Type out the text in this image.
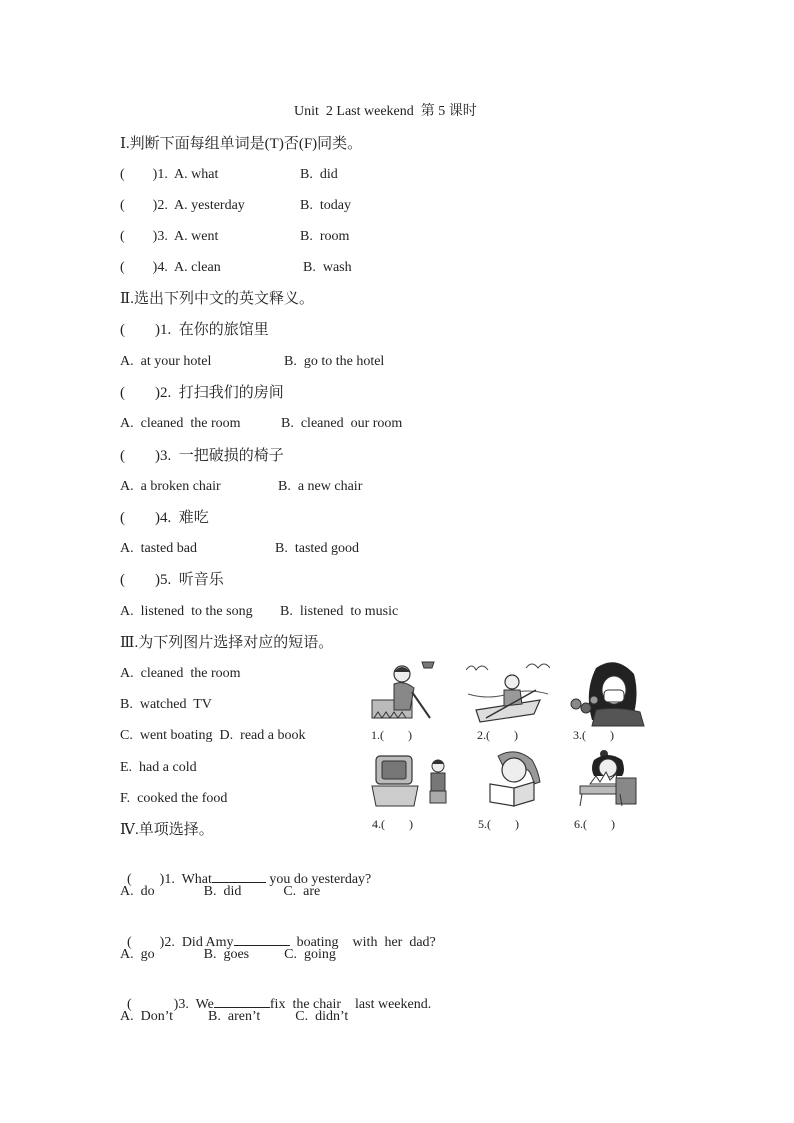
Unit  2 Last weekend  第 5 课时
Ⅰ.判断下面每组单词是(T)否(F)同类。
(        )1.  A. what	B.  did
(        )2.  A. yesterday	B.  today
(        )3.  A. went	B.  room
(        )4.  A. clean	B.  wash
Ⅱ.选出下列中文的英文释义。
(        )1.  在你的旅馆里
A.  at your hotel	B.  go to the hotel
(        )2.  打扫我们的房间
A.  cleaned  the room	B.  cleaned  our room
(        )3.  一把破损的椅子
A.  a broken chair	B.  a new chair
(        )4.  难吃
A.  tasted bad	B.  tasted good
(        )5.  听音乐
A.  listened  to the song B.  listened  to music
Ⅲ.为下列图片选择对应的短语。
A.  cleaned  the room
B.  watched  TV
C.  went boating  D.  read a book
E.  had a cold
F.  cooked the food
1.(        )	2.(        )	3.(        )
4.(        )	5.(        )	6.(        )
Ⅳ.单项选择。

(        )1.  What	you do yesterday?

A.  do              B.  did            C.  are

(        )2.  Did Amy	boating    with  her  dad?

A.  go              B.  goes          C.  going

(            )3.  We	fix  the chair    last weekend.

A.  Don’t          B.  aren’t          C.  didn’t
